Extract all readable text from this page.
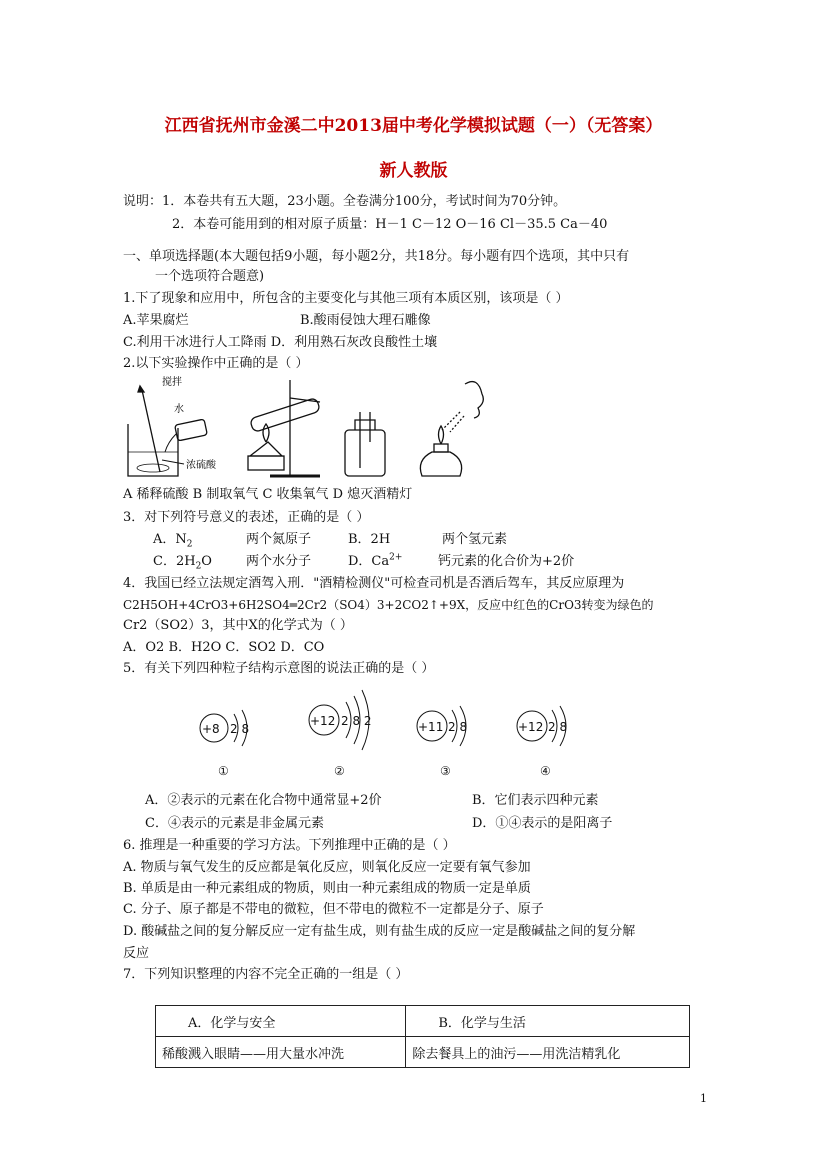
江西省抚州市金溪二中2013届中考化学模拟试题（一）（无答案）
新人教版
说明：1．本卷共有五大题，23小题。全卷满分100分，考试时间为70分钟。
2．本卷可能用到的相对原子质量：H－1 C－12 O－16 Cl－35.5 Ca－40
一、单项选择题(本大题包括9小题，每小题2分，共18分。每小题有四个选项，其中只有
一个选项符合题意)
1.下了现象和应用中，所包含的主要变化与其他三项有本质区别，该项是（ ）
A.苹果腐烂	B.酸雨侵蚀大理石雕像
C.利用干冰进行人工降雨 D．利用熟石灰改良酸性土壤
2.以下实验操作中正确的是（ ）
搅拌
水
浓硫酸
A 稀释硫酸 B 制取氧气 C 收集氧气 D 熄灭酒精灯
3．对下列符号意义的表述，正确的是（ ）
A．$N_2$	两个氮原子	B．2H	两个氢元素
C．$2H_2O$	两个水分子	D．$Ca^{2+}$	钙元素的化合价为+2价
4．我国已经立法规定酒驾入刑．"酒精检测仪"可检查司机是否酒后驾车，其反应原理为
C2H5OH+4CrO3+6H2SO4═2Cr2（SO4）3+2CO2↑+9X，反应中红色的CrO3转变为绿色的
Cr2（SO2）3，其中X的化学式为（ ）
A．O2 B．H2O C．SO2 D．CO
5．有关下列四种粒子结构示意图的说法正确的是（ ）
+8 2 8
①
+12 2 8 2
②
+11 2 8
③
+12 2 8
④
A．②表示的元素在化合物中通常显+2价	B．它们表示四种元素
C．④表示的元素是非金属元素	D．①④表示的是阳离子
6. 推理是一种重要的学习方法。下列推理中正确的是（ ）
A. 物质与氧气发生的反应都是氧化反应，则氧化反应一定要有氧气参加
B. 单质是由一种元素组成的物质，则由一种元素组成的物质一定是单质
C. 分子、原子都是不带电的微粒，但不带电的微粒不一定都是分子、原子
D. 酸碱盐之间的复分解反应一定有盐生成，则有盐生成的反应一定是酸碱盐之间的复分解
反应
7．下列知识整理的内容不完全正确的一组是（ ）
A．化学与安全	B．化学与生活
稀酸溅入眼睛——用大量水冲洗	除去餐具上的油污——用洗洁精乳化
1
